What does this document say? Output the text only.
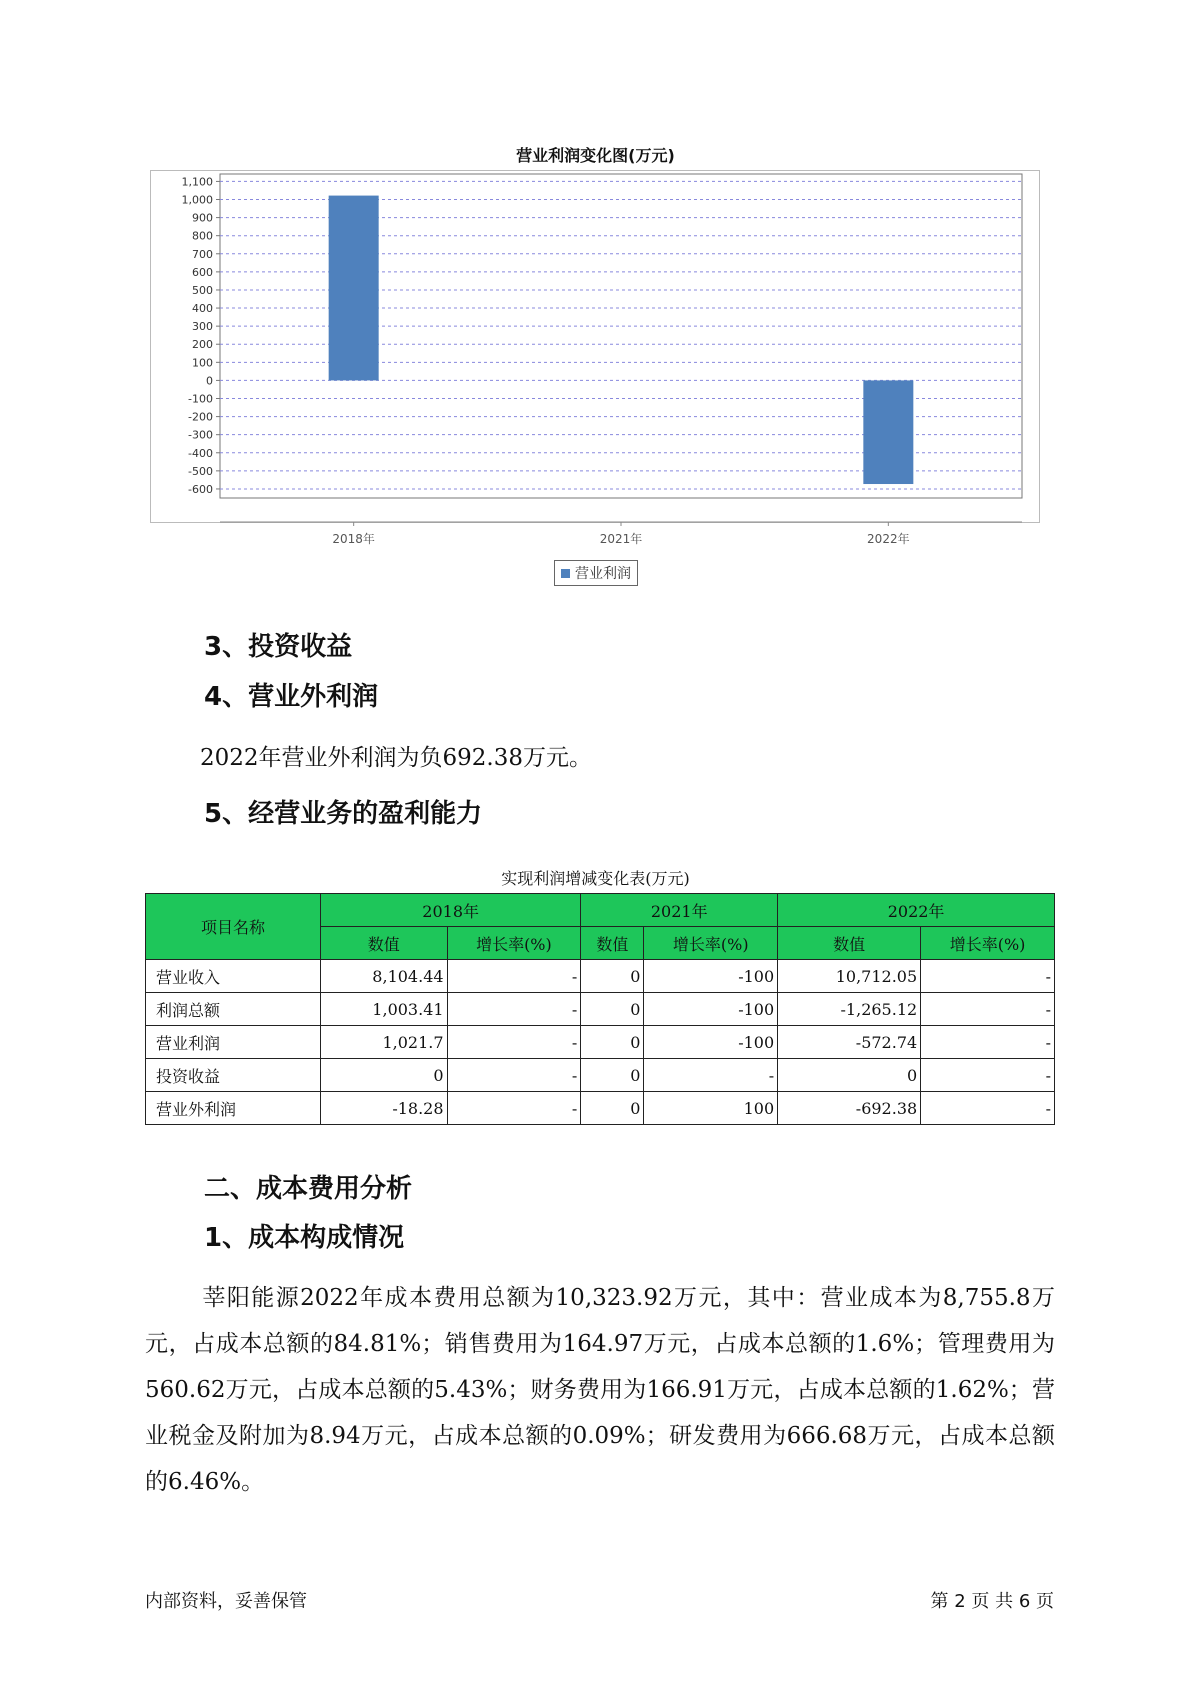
营业利润变化图(万元)
1,100
1,000
900
800
700
600
500
400
300
200
100
0
-100
-200
-300
-400
-500
-600
2018年	2021年	2022年
营业利润
3、投资收益
4、营业外利润
2022年营业外利润为负692.38万元。
5、经营业务的盈利能力
实现利润增减变化表(万元)
项目名称	2018年		2021年		2022年	
	数值	增长率(%)	数值	增长率(%)	数值	增长率(%)
营业收入	8,104.44	-	0	-100	10,712.05	-
利润总额	1,003.41	-	0	-100	-1,265.12	-
营业利润	1,021.7	-	0	-100	-572.74	-
投资收益	0	-	0	-	0	-
营业外利润	-18.28	-	0	100	-692.38	-
二、成本费用分析
1、成本构成情况
莘阳能源2022年成本费用总额为10,323.92万元，其中：营业成本为8,755.8万元，占成本总额的84.81%；销售费用为164.97万元，占成本总额的1.6%；管理费用为560.62万元，占成本总额的5.43%；财务费用为166.91万元，占成本总额的1.62%；营业税金及附加为8.94万元，占成本总额的0.09%；研发费用为666.68万元，占成本总额的6.46%。
内部资料，妥善保管	第 2 页 共 6 页
